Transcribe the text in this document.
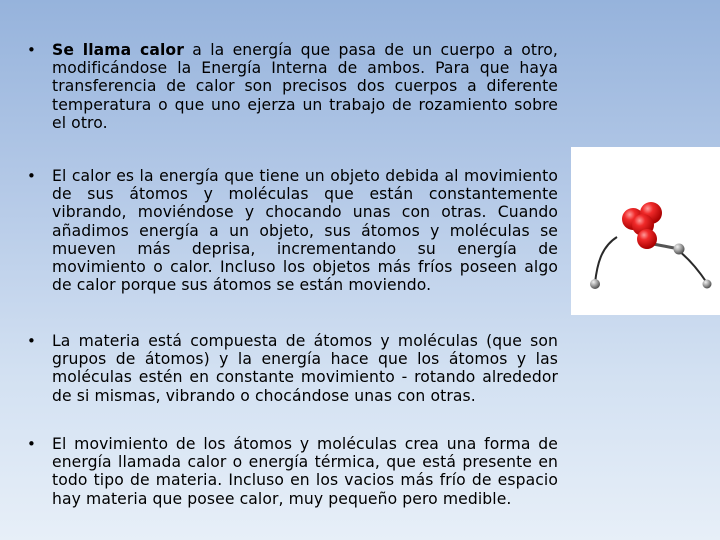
• Se llama calor a la energía que pasa de un cuerpo a otro, modificándose la Energía Interna de ambos. Para que haya transferencia de calor son precisos dos cuerpos a diferente temperatura o que uno ejerza un trabajo de rozamiento sobre el otro.
• El calor es la energía que tiene un objeto debida al movimiento de sus átomos y moléculas que están constantemente vibrando, moviéndose y chocando unas con otras. Cuando añadimos energía a un objeto, sus átomos y moléculas se mueven más deprisa, incrementando su energía de movimiento o calor. Incluso los objetos más fríos poseen algo de calor porque sus átomos se están moviendo.
• La materia está compuesta de átomos y moléculas (que son grupos de átomos) y la energía hace que los átomos y las moléculas estén en constante movimiento - rotando alrededor de si mismas, vibrando o chocándose unas con otras.
• El movimiento de los átomos y moléculas crea una forma de energía llamada calor o energía térmica, que está presente en todo tipo de materia. Incluso en los vacios más frío de espacio hay materia que posee calor, muy pequeño pero medible.
